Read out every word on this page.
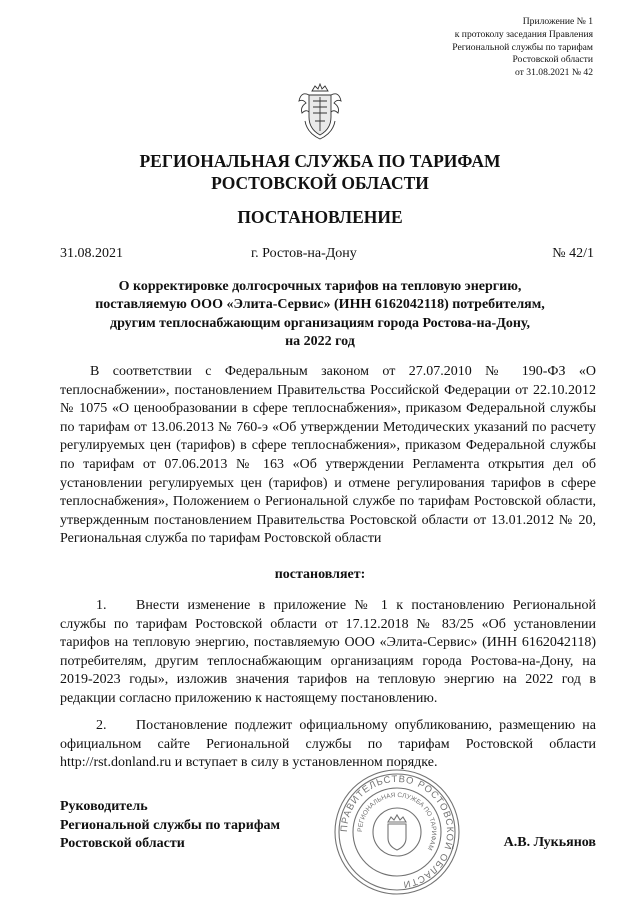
Приложение № 1
к протоколу заседания Правления
Региональной службы по тарифам
Ростовской области
от 31.08.2021 № 42
РЕГИОНАЛЬНАЯ СЛУЖБА ПО ТАРИФАМ
РОСТОВСКОЙ ОБЛАСТИ
ПОСТАНОВЛЕНИЕ
31.08.2021	г. Ростов-на-Дону	№ 42/1
О корректировке долгосрочных тарифов на тепловую энергию,
поставляемую ООО «Элита-Сервис» (ИНН 6162042118) потребителям,
другим теплоснабжающим организациям города Ростова-на-Дону,
на 2022 год
В соответствии с Федеральным законом от 27.07.2010 № 190-ФЗ «О теплоснабжении», постановлением Правительства Российской Федерации от 22.10.2012 № 1075 «О ценообразовании в сфере теплоснабжения», приказом Федеральной службы по тарифам от 13.06.2013 № 760-э «Об утверждении Методических указаний по расчету регулируемых цен (тарифов) в сфере теплоснабжения», приказом Федеральной службы по тарифам от 07.06.2013 № 163 «Об утверждении Регламента открытия дел об установлении регулируемых цен (тарифов) и отмене регулирования тарифов в сфере теплоснабжения», Положением о Региональной службе по тарифам Ростовской области, утвержденным постановлением Правительства Ростовской области от 13.01.2012 № 20, Региональная служба по тарифам Ростовской области
постановляет:
1. Внести изменение в приложение № 1 к постановлению Региональной службы по тарифам Ростовской области от 17.12.2018 № 83/25 «Об установлении тарифов на тепловую энергию, поставляемую ООО «Элита-Сервис» (ИНН 6162042118) потребителям, другим теплоснабжающим организациям города Ростова-на-Дону, на 2019-2023 годы», изложив значения тарифов на тепловую энергию на 2022 год в редакции согласно приложению к настоящему постановлению.
2. Постановление подлежит официальному опубликованию, размещению на официальном сайте Региональной службы по тарифам Ростовской области http://rst.donland.ru и вступает в силу в установленном порядке.
ПРАВИТЕЛЬСТВО РОСТОВСКОЙ ОБЛАСТИ
РЕГИОНАЛЬНАЯ СЛУЖБА ПО ТАРИФАМ
Руководитель
Региональной службы по тарифам
Ростовской области	А.В. Лукьянов
